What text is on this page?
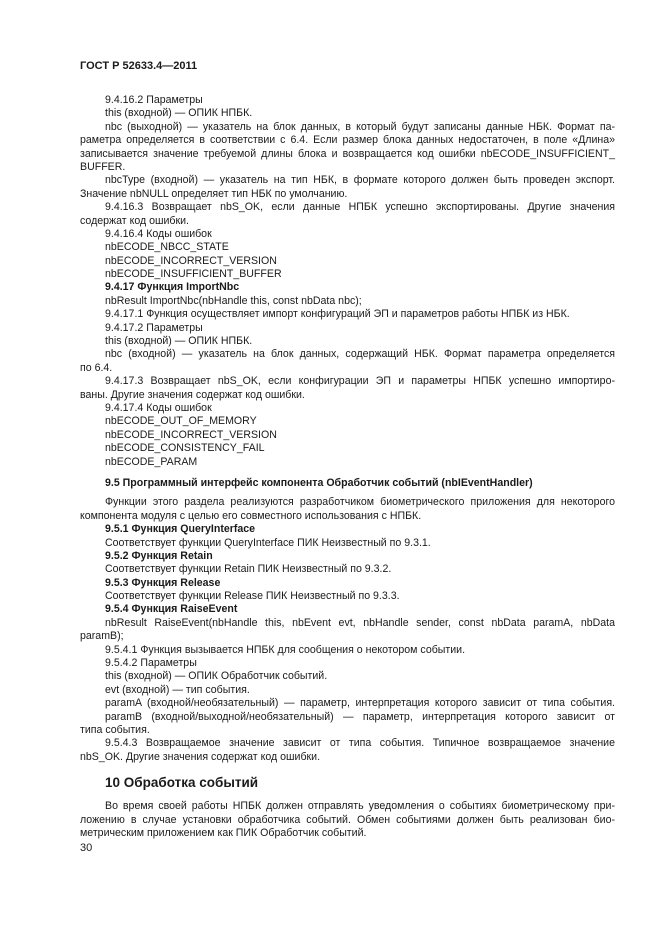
ГОСТ Р 52633.4—2011
9.4.16.2 Параметры
this (входной) — ОПИК НПБК.
nbc (выходной) — указатель на блок данных, в который будут записаны данные НБК. Формат па-
раметра определяется в соответствии с 6.4. Если размер блока данных недостаточен, в поле «Длина»
записывается значение требуемой длины блока и возвращается код ошибки nbECODE_INSUFFICIENT_
BUFFER.
nbcType (входной) — указатель на тип НБК, в формате которого должен быть проведен экспорт.
Значение nbNULL определяет тип НБК по умолчанию.
9.4.16.3 Возвращает nbS_OK, если данные НПБК успешно экспортированы. Другие значения
содержат код ошибки.
9.4.16.4 Коды ошибок
nbECODE_NBCC_STATE
nbECODE_INCORRECT_VERSION
nbECODE_INSUFFICIENT_BUFFER
9.4.17 Функция ImportNbc
nbResult ImportNbc(nbHandle this, const nbData nbc);
9.4.17.1 Функция осуществляет импорт конфигураций ЭП и параметров работы НПБК из НБК.
9.4.17.2 Параметры
this (входной) — ОПИК НПБК.
nbc (входной) — указатель на блок данных, содержащий НБК. Формат параметра определяется
по 6.4.
9.4.17.3 Возвращает nbS_OK, если конфигурации ЭП и параметры НПБК успешно импортиро-
ваны. Другие значения содержат код ошибки.
9.4.17.4 Коды ошибок
nbECODE_OUT_OF_MEMORY
nbECODE_INCORRECT_VERSION
nbECODE_CONSISTENCY_FAIL
nbECODE_PARAM
9.5 Программный интерфейс компонента Обработчик событий (nbIEventHandler)
Функции этого раздела реализуются разработчиком биометрического приложения для некоторого
компонента модуля с целью его совместного использования с НПБК.
9.5.1 Функция QueryInterface
Соответствует функции QueryInterface ПИК Неизвестный по 9.3.1.
9.5.2 Функция Retain
Соответствует функции Retain ПИК Неизвестный по 9.3.2.
9.5.3 Функция Release
Соответствует функции Release ПИК Неизвестный по 9.3.3.
9.5.4 Функция RaiseEvent
nbResult RaiseEvent(nbHandle this, nbEvent evt, nbHandle sender, const nbData paramA, nbData
paramB);
9.5.4.1 Функция вызывается НПБК для сообщения о некотором событии.
9.5.4.2 Параметры
this (входной) — ОПИК Обработчик событий.
evt (входной) — тип события.
paramA (входной/необязательный) — параметр, интерпретация которого зависит от типа события.
paramB (входной/выходной/необязательный) — параметр, интерпретация которого зависит от
типа события.
9.5.4.3 Возвращаемое значение зависит от типа события. Типичное возвращаемое значение
nbS_OK. Другие значения содержат код ошибки.
10 Обработка событий
Во время своей работы НПБК должен отправлять уведомления о событиях биометрическому при-
ложению в случае установки обработчика событий. Обмен событиями должен быть реализован био-
метрическим приложением как ПИК Обработчик событий.
30
